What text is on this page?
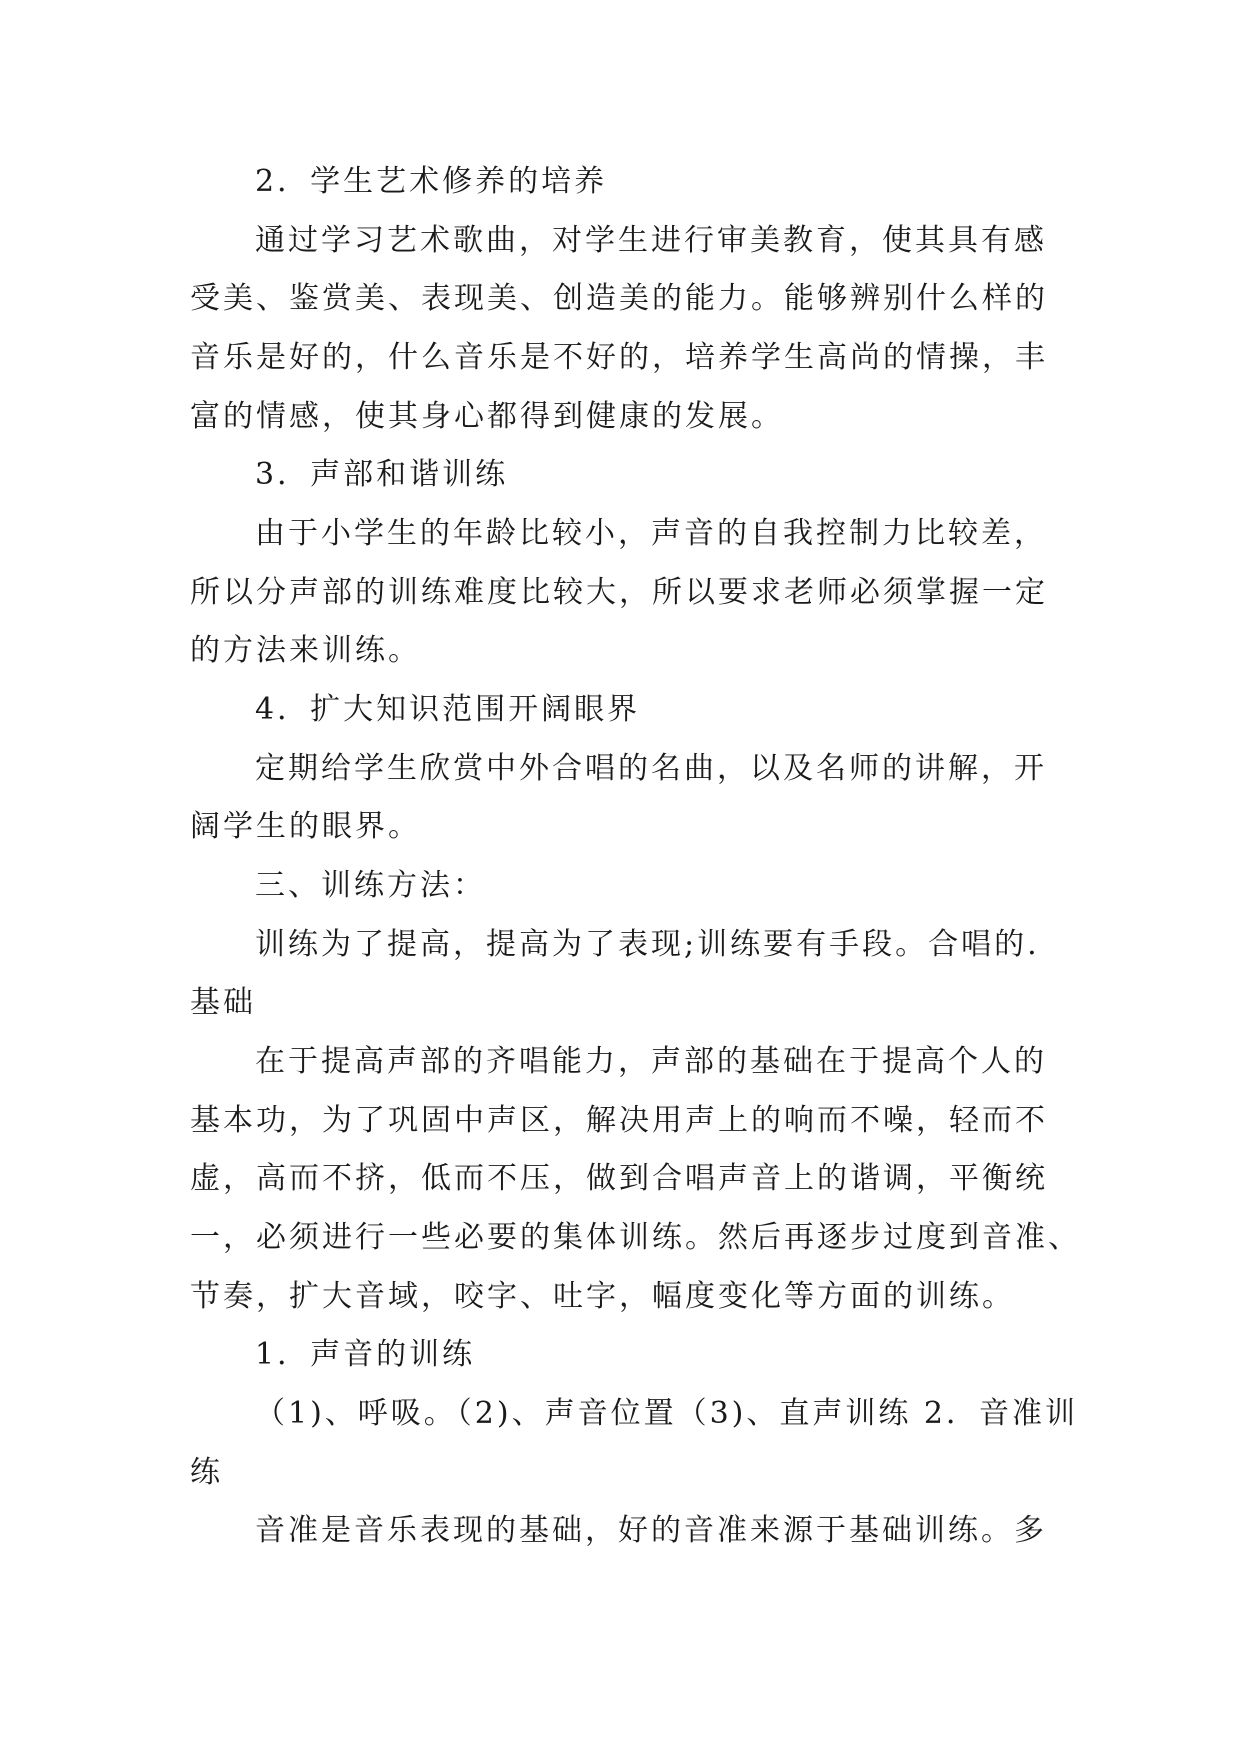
2．学生艺术修养的培养
通过学习艺术歌曲，对学生进行审美教育，使其具有感
受美、鉴赏美、表现美、创造美的能力。能够辨别什么样的
音乐是好的，什么音乐是不好的，培养学生高尚的情操，丰
富的情感，使其身心都得到健康的发展。
3．声部和谐训练
由于小学生的年龄比较小，声音的自我控制力比较差，
所以分声部的训练难度比较大，所以要求老师必须掌握一定
的方法来训练。
4．扩大知识范围开阔眼界
定期给学生欣赏中外合唱的名曲，以及名师的讲解，开
阔学生的眼界。
三、训练方法：
训练为了提高，提高为了表现;训练要有手段。合唱的.
基础
在于提高声部的齐唱能力，声部的基础在于提高个人的
基本功，为了巩固中声区，解决用声上的响而不噪，轻而不
虚，高而不挤，低而不压，做到合唱声音上的谐调，平衡统
一，必须进行一些必要的集体训练。然后再逐步过度到音准、
节奏，扩大音域，咬字、吐字，幅度变化等方面的训练。
1．声音的训练
（1)、呼吸。（2)、声音位置（3)、直声训练 2．音准训
练
音准是音乐表现的基础，好的音准来源于基础训练。多
